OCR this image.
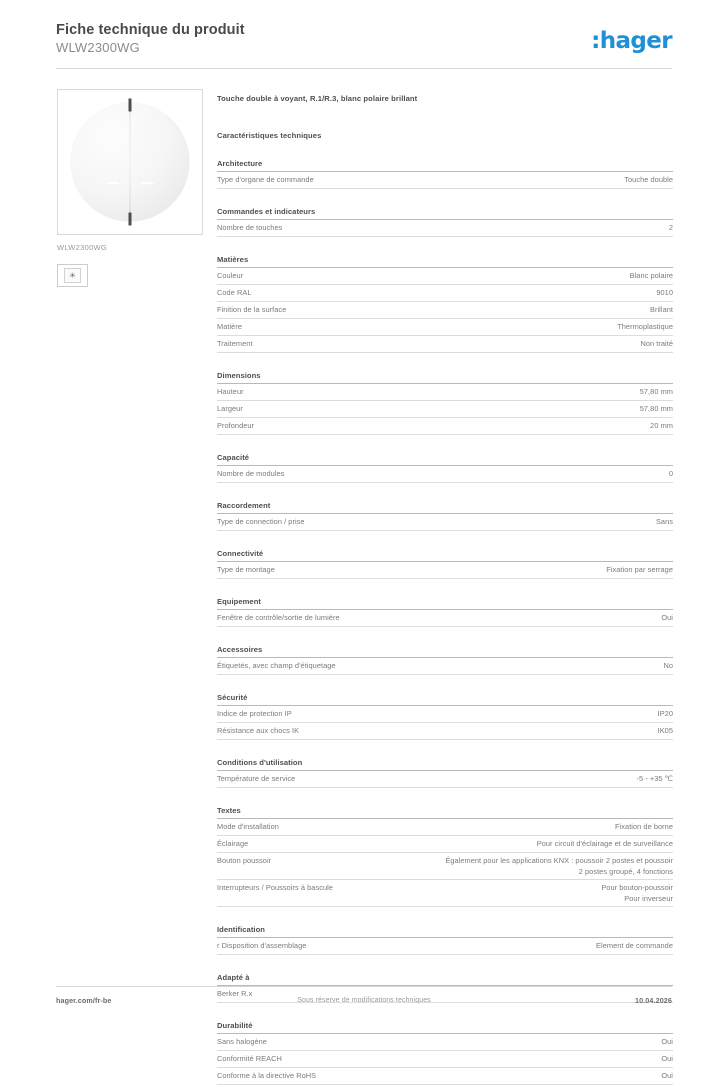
Fiche technique du produit
WLW2300WG	:hager
WLW2300WG
☀
Touche double à voyant, R.1/R.3, blanc polaire brillant
Caractéristiques techniques
Architecture
Type d'organe de commande	Touche double
Commandes et indicateurs
Nombre de touches	2
Matières
Couleur	Blanc polaire
Code RAL	9010
Finition de la surface	Brillant
Matière	Thermoplastique
Traitement	Non traité
Dimensions
Hauteur	57,80 mm
Largeur	57,80 mm
Profondeur	20 mm
Capacité
Nombre de modules	0
Raccordement
Type de connection / prise	Sans
Connectivité
Type de montage	Fixation par serrage
Equipement
Fenêtre de contrôle/sortie de lumière	Oui
Accessoires
Étiquetés, avec champ d'étiquetage	No
Sécurité
Indice de protection IP	IP20
Résistance aux chocs IK	IK05
Conditions d'utilisation
Température de service	-5 - +35 ℃
Textes
Mode d'installation	Fixation de borne
Éclairage	Pour circuit d'éclairage et de surveillance
Bouton poussoir	Également pour les applications KNX : poussoir 2 postes et poussoir
2 postes groupé, 4 fonctions
Interrupteurs / Poussoirs à bascule	Pour bouton-poussoir
Pour inverseur
Identification
r Disposition d'assemblage	Element de commande
Adapté à
Berker R.x
Durabilité
Sans halogène	Oui
Conformité REACH	Oui
Conforme à la directive RoHS	Oui
hager.com/fr-be	Sous réserve de modifications techniques	10.04.2026
